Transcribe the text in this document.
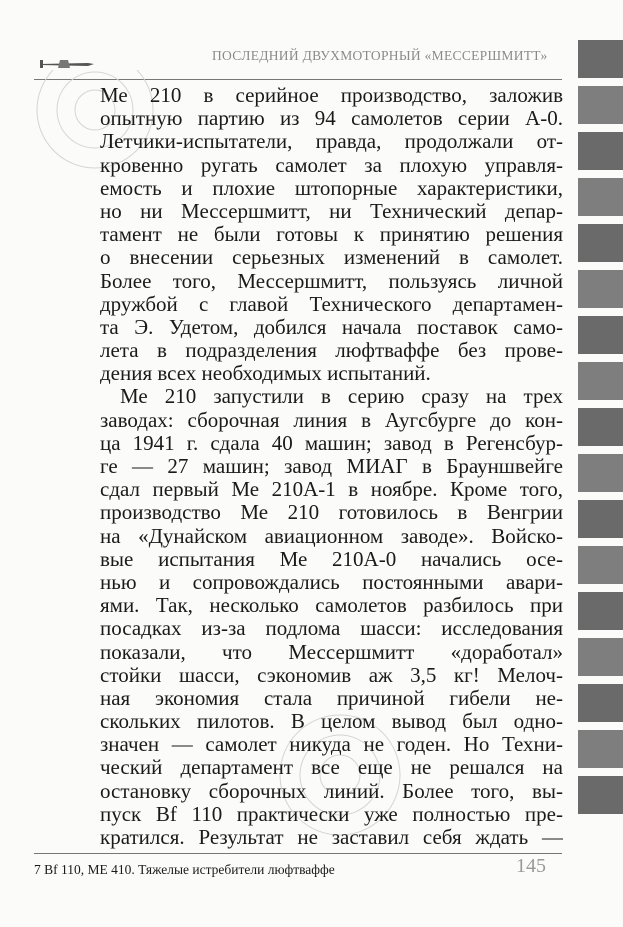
ПОСЛЕДНИЙ ДВУХМОТОРНЫЙ «МЕССЕРШМИТТ»
Ме 210 в серийное производство, заложив
опытную партию из 94 самолетов серии А-0.
Летчики-испытатели, правда, продолжали от-
кровенно ругать самолет за плохую управля-
емость и плохие штопорные характеристики,
но ни Мессершмитт, ни Технический депар-
тамент не были готовы к принятию решения
о внесении серьезных изменений в самолет.
Более того, Мессершмитт, пользуясь личной
дружбой с главой Технического департамен-
та Э. Удетом, добился начала поставок само-
лета в подразделения люфтваффе без прове-
дения всех необходимых испытаний.
Ме 210 запустили в серию сразу на трех
заводах: сборочная линия в Аугсбурге до кон-
ца 1941 г. сдала 40 машин; завод в Регенсбур-
ге — 27 машин; завод МИАГ в Брауншвейге
сдал первый Ме 210А-1 в ноябре. Кроме того,
производство Ме 210 готовилось в Венгрии
на «Дунайском авиационном заводе». Войско-
вые испытания Ме 210А-0 начались осе-
нью и сопровождались постоянными авари-
ями. Так, несколько самолетов разбилось при
посадках из-за подлома шасси: исследования
показали, что Мессершмитт «доработал»
стойки шасси, сэкономив аж 3,5 кг! Мелоч-
ная экономия стала причиной гибели не-
скольких пилотов. В целом вывод был одно-
значен — самолет никуда не годен. Но Техни-
ческий департамент все еще не решался на
остановку сборочных линий. Более того, вы-
пуск Bf 110 практически уже полностью пре-
кратился. Результат не заставил себя ждать —
7 Bf 110, МЕ 410. Тяжелые истребители люфтваффе	145
